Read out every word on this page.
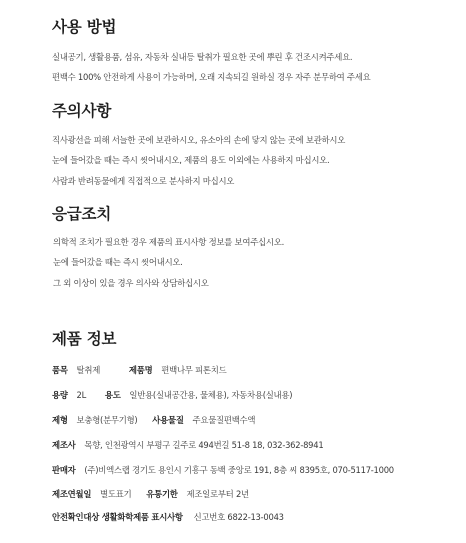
사용 방법

실내공기, 생활용품, 섬유, 자동차 실내등 탈취가 필요한 곳에 뿌린 후 건조시켜주세요.

편백수 100% 안전하게 사용이 가능하며, 오래 지속되길 원하실 경우 자주 분무하여 주세요

주의사항

직사광선을 피해 서늘한 곳에 보관하시오, 유소아의 손에 닿지 않는 곳에 보관하시오

눈에 들어갔을 때는 즉시 씻어내시오, 제품의 용도 이외에는 사용하지 마십시오.

사람과 반려동물에게 직접적으로 분사하지 마십시오

응급조치

의학적 조치가 필요한 경우 제품의 표시사항 정보를 보여주십시오.

눈에 들어갔을 때는 즉시 씻어내시오.

그 외 이상이 있을 경우 의사와 상담하십시오

제품 정보
품목 탈취제	제품명 편백나무 피톤치드
용량 2L 용도 일반용(실내공간용, 물체용), 자동차용(실내용)
제형 보충형(분무기형) 사용물질 주요물질편백수액
제조사 목향, 인천광역시 부평구 길주로 494번길 51-8 18, 032-362-8941
판매자 (주)비엑스랩 경기도 용인시 기흥구 동백 중앙로 191, 8층 씨 8395호, 070-5117-1000
제조연월일 별도표기 유통기한 제조일로부터 2년
안전확인대상 생활화학제품 표시사항 신고번호 6822-13-0043
